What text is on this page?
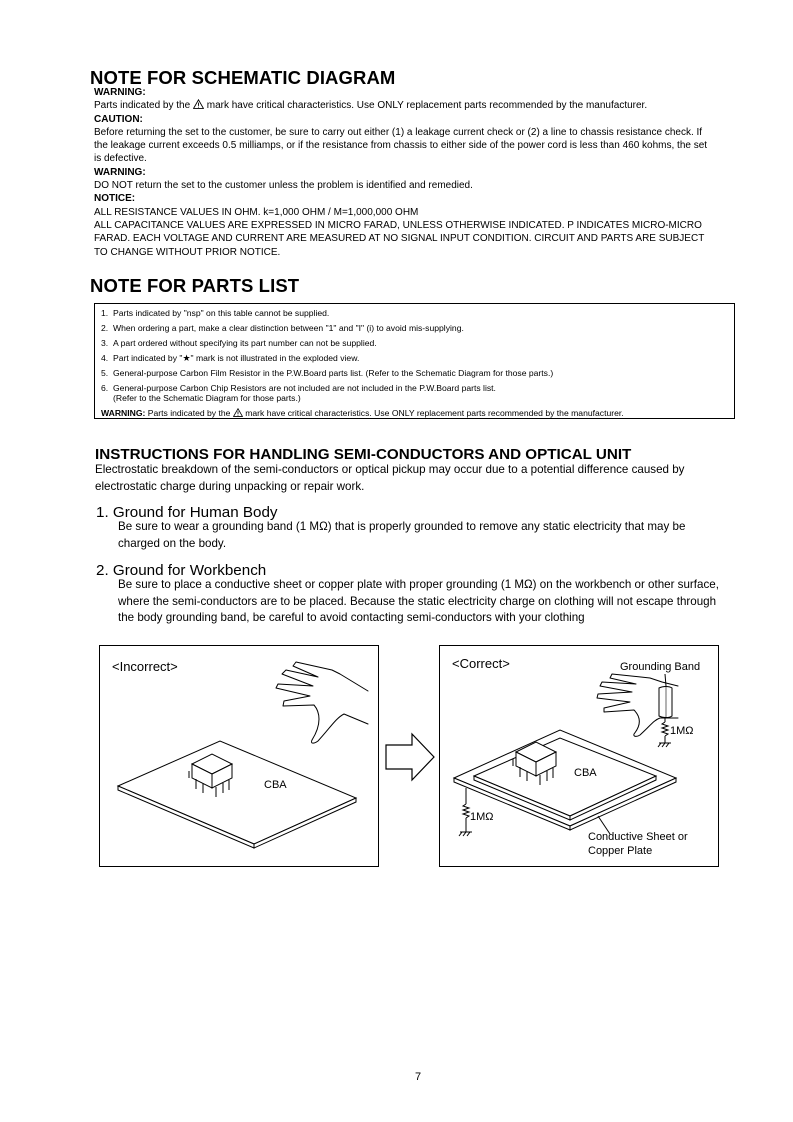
NOTE FOR SCHEMATIC DIAGRAM
WARNING:
Parts indicated by the mark have critical characteristics. Use ONLY replacement parts recommended by the manufacturer.
CAUTION:
Before returning the set to the customer, be sure to carry out either (1) a leakage current check or (2) a line to chassis resistance check. If
the leakage current exceeds 0.5 milliamps, or if the resistance from chassis to either side of the power cord is less than 460 kohms, the set
is defective.
WARNING:
DO NOT return the set to the customer unless the problem is identified and remedied.
NOTICE:
ALL RESISTANCE VALUES IN OHM. k=1,000 OHM / M=1,000,000 OHM
ALL CAPACITANCE VALUES ARE EXPRESSED IN MICRO FARAD, UNLESS OTHERWISE INDICATED. P INDICATES MICRO-MICRO
FARAD. EACH VOLTAGE AND CURRENT ARE MEASURED AT NO SIGNAL INPUT CONDITION. CIRCUIT AND PARTS ARE SUBJECT
TO CHANGE WITHOUT PRIOR NOTICE.
NOTE FOR PARTS LIST
1. Parts indicated by "nsp" on this table cannot be supplied.
2. When ordering a part, make a clear distinction between "1" and "I" (i) to avoid mis-supplying.
3. A part ordered without specifying its part number can not be supplied.
4. Part indicated by "★" mark is not illustrated in the exploded view.
5. General-purpose Carbon Film Resistor in the P.W.Board parts list. (Refer to the Schematic Diagram for those parts.)
6. General-purpose Carbon Chip Resistors are not included are not included in the P.W.Board parts list.
(Refer to the Schematic Diagram for those parts.)
WARNING: Parts indicated by the mark have critical characteristics. Use ONLY replacement parts recommended by the manufacturer.
INSTRUCTIONS FOR HANDLING SEMI-CONDUCTORS AND OPTICAL UNIT
Electrostatic breakdown of the semi-conductors or optical pickup may occur due to a potential difference caused by
electrostatic charge during unpacking or repair work.
1. Ground for Human Body
Be sure to wear a grounding band (1 MΩ) that is properly grounded to remove any static electricity that may be
charged on the body.
2. Ground for Workbench
Be sure to place a conductive sheet or copper plate with proper grounding (1 MΩ) on the workbench or other surface,
where the semi-conductors are to be placed. Because the static electricity charge on clothing will not escape through
the body grounding band, be careful to avoid contacting semi-conductors with your clothing
<Incorrect>
CBA
<Correct>
CBA
Grounding Band
1MΩ
1MΩ
Conductive Sheet or
Copper Plate
7
